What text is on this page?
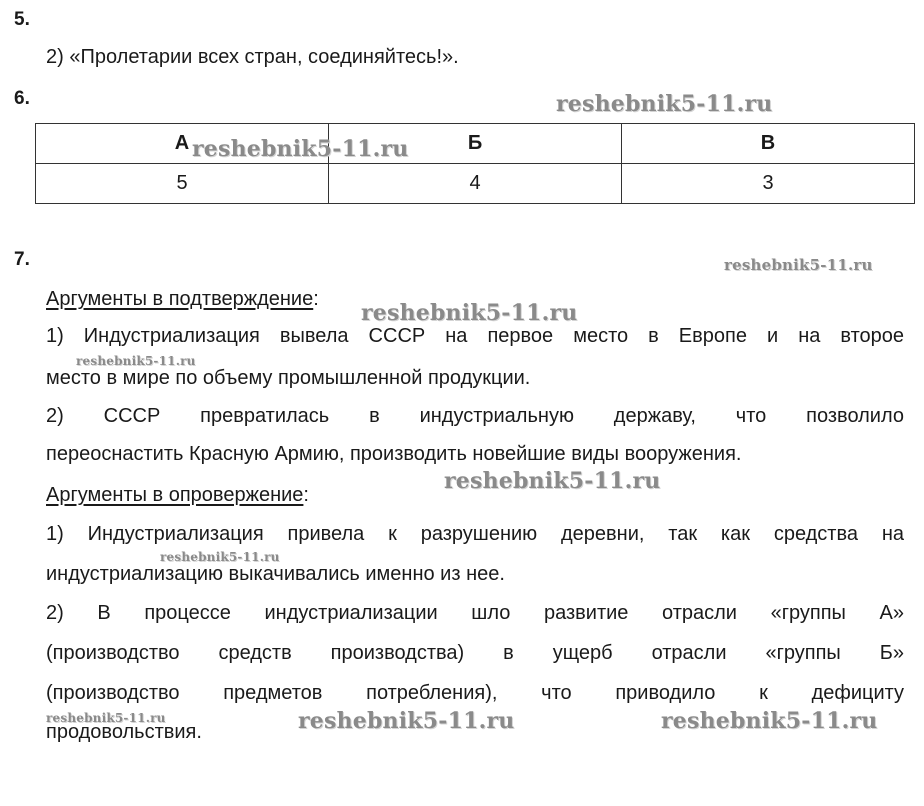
5.
2) «Пролетарии всех стран, соединяйтесь!».
6.
А	Б	В
5	4	3
7.
Аргументы в подтверждение:
1) Индустриализация вывела СССР на первое место в Европе и на второе
место в мире по объему промышленной продукции.
2) СССР превратилась в индустриальную державу, что позволило
переоснастить Красную Армию, производить новейшие виды вооружения.
Аргументы в опровержение:
1) Индустриализация привела к разрушению деревни, так как средства на
индустриализацию выкачивались именно из нее.
2) В процессе индустриализации шло развитие отрасли «группы А»
(производство средств производства) в ущерб отрасли «группы Б»
(производство предметов потребления), что приводило к дефициту
продовольствия.
reshebnik5-11.ru
reshebnik5-11.ru
reshebnik5-11.ru
reshebnik5-11.ru
reshebnik5-11.ru
reshebnik5-11.ru
reshebnik5-11.ru
reshebnik5-11.ru	reshebnik5-11.ru	reshebnik5-11.ru
